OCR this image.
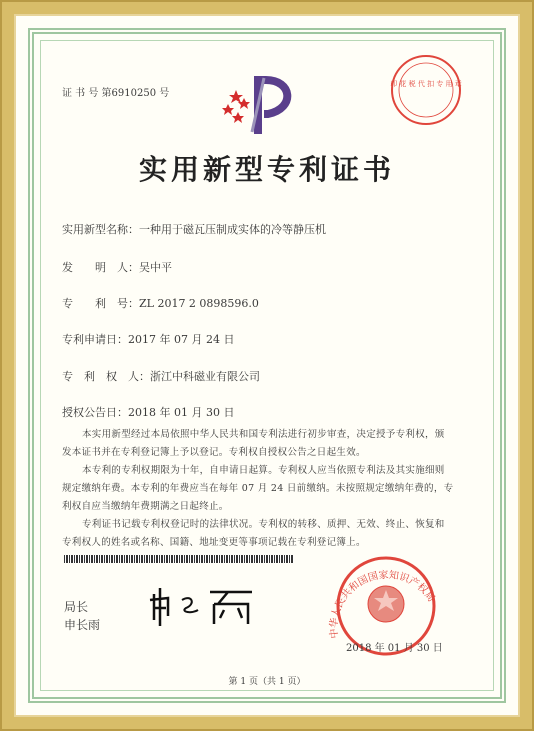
证 书 号 第6910250 号
印 花 税 代 扣 专 用 章
实用新型专利证书
实用新型名称：一种用于磁瓦压制成实体的冷等静压机
发　　明　人：吴中平
专　　利　号：ZL 2017 2 0898596.0
专利申请日：2017 年 07 月 24 日
专　利　权　人：浙江中科磁业有限公司
授权公告日：2018 年 01 月 30 日
本实用新型经过本局依照中华人民共和国专利法进行初步审查，决定授予专利权，颁
发本证书并在专利登记簿上予以登记。专利权自授权公告之日起生效。
本专利的专利权期限为十年，自申请日起算。专利权人应当依照专利法及其实施细则
规定缴纳年费。本专利的年费应当在每年 07 月 24 日前缴纳。未按照规定缴纳年费的，专
利权自应当缴纳年费期满之日起终止。
专利证书记载专利权登记时的法律状况。专利权的转移、质押、无效、终止、恢复和
专利权人的姓名或名称、国籍、地址变更等事项记载在专利登记簿上。
局长
申长雨
中华人民共和国国家知识产权局
2018 年 01 月 30 日
第 1 页（共 1 页）
